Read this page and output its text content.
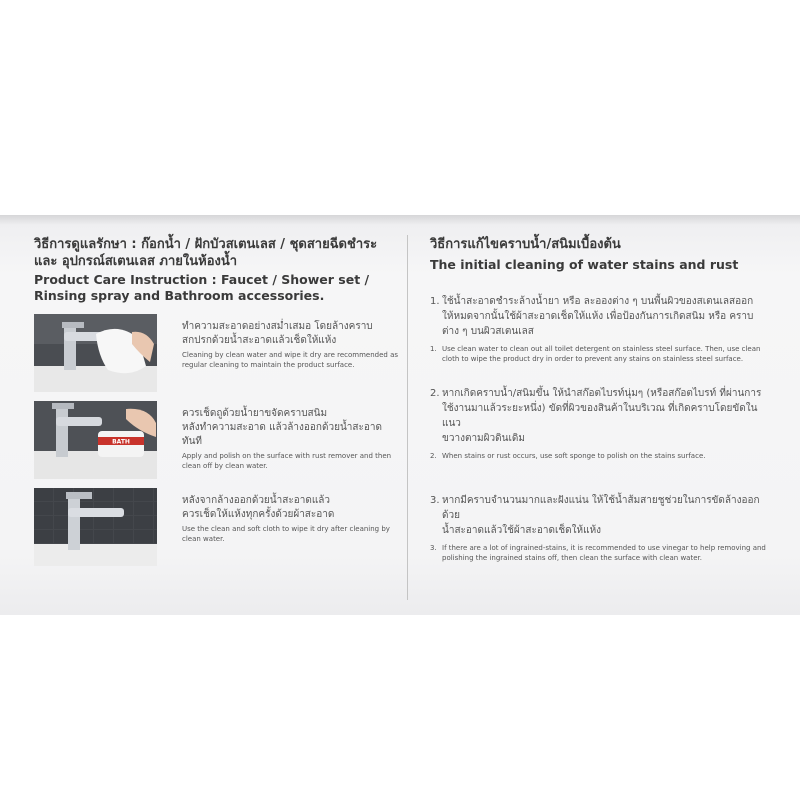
วิธีการดูแลรักษา : ก๊อกน้ำ / ฝักบัวสเตนเลส / ชุดสายฉีดชำระ

และ อุปกรณ์สเตนเลส ภายในห้องน้ำ

Product Care Instruction : Faucet / Shower set /

Rinsing spray and Bathroom accessories.

ทำความสะอาดอย่างสม่ำเสมอ โดยล้างคราบ

สกปรกด้วยน้ำสะอาดแล้วเช็ดให้แห้ง

Cleaning by clean water and wipe it dry are recommended as

regular cleaning to maintain the product surface.

BATH

ควรเช็ดถูด้วยน้ำยาขจัดคราบสนิม

หลังทำความสะอาด แล้วล้างออกด้วยน้ำสะอาดทันที

Apply and polish on the surface with rust remover and then

clean off by clean water.

หลังจากล้างออกด้วยน้ำสะอาดแล้ว

ควรเช็ดให้แห้งทุกครั้งด้วยผ้าสะอาด

Use the clean and soft cloth to wipe it dry after cleaning by

clean water.

วิธีการแก้ไขคราบน้ำ/สนิมเบื้องต้น

The initial cleaning of water stains and rust

1. ใช้น้ำสะอาดชำระล้างน้ำยา หรือ ละอองต่าง ๆ บนพื้นผิวของสเตนเลสออก
ให้หมดจากนั้นใช้ผ้าสะอาดเช็ดให้แห้ง เพื่อป้องกันการเกิดสนิม หรือ คราบ
ต่าง ๆ บนผิวสเตนเลส
1. Use clean water to clean out all toilet detergent on stainless steel surface. Then, use clean
cloth to wipe the product dry in order to prevent any stains on stainless steel surface.
2. หากเกิดคราบน้ำ/สนิมขึ้น ให้นำสก๊อตไบรท์นุ่มๆ (หรือสก๊อตไบรท์ ที่ผ่านการ
ใช้งานมาแล้วระยะหนึ่ง) ขัดที่ผิวของสินค้าในบริเวณ ที่เกิดคราบโดยขัดในแนว
ขวางตามผิวดินเดิม
2. When stains or rust occurs, use soft sponge to polish on the stains surface.
3. หากมีคราบจำนวนมากและฝังแน่น ให้ใช้น้ำส้มสายชูช่วยในการขัดล้างออกด้วย
น้ำสะอาดแล้วใช้ผ้าสะอาดเช็ดให้แห้ง
3. If there are a lot of ingrained-stains, it is recommended to use vinegar to help removing and
polishing the ingrained stains off, then clean the surface with clean water.
